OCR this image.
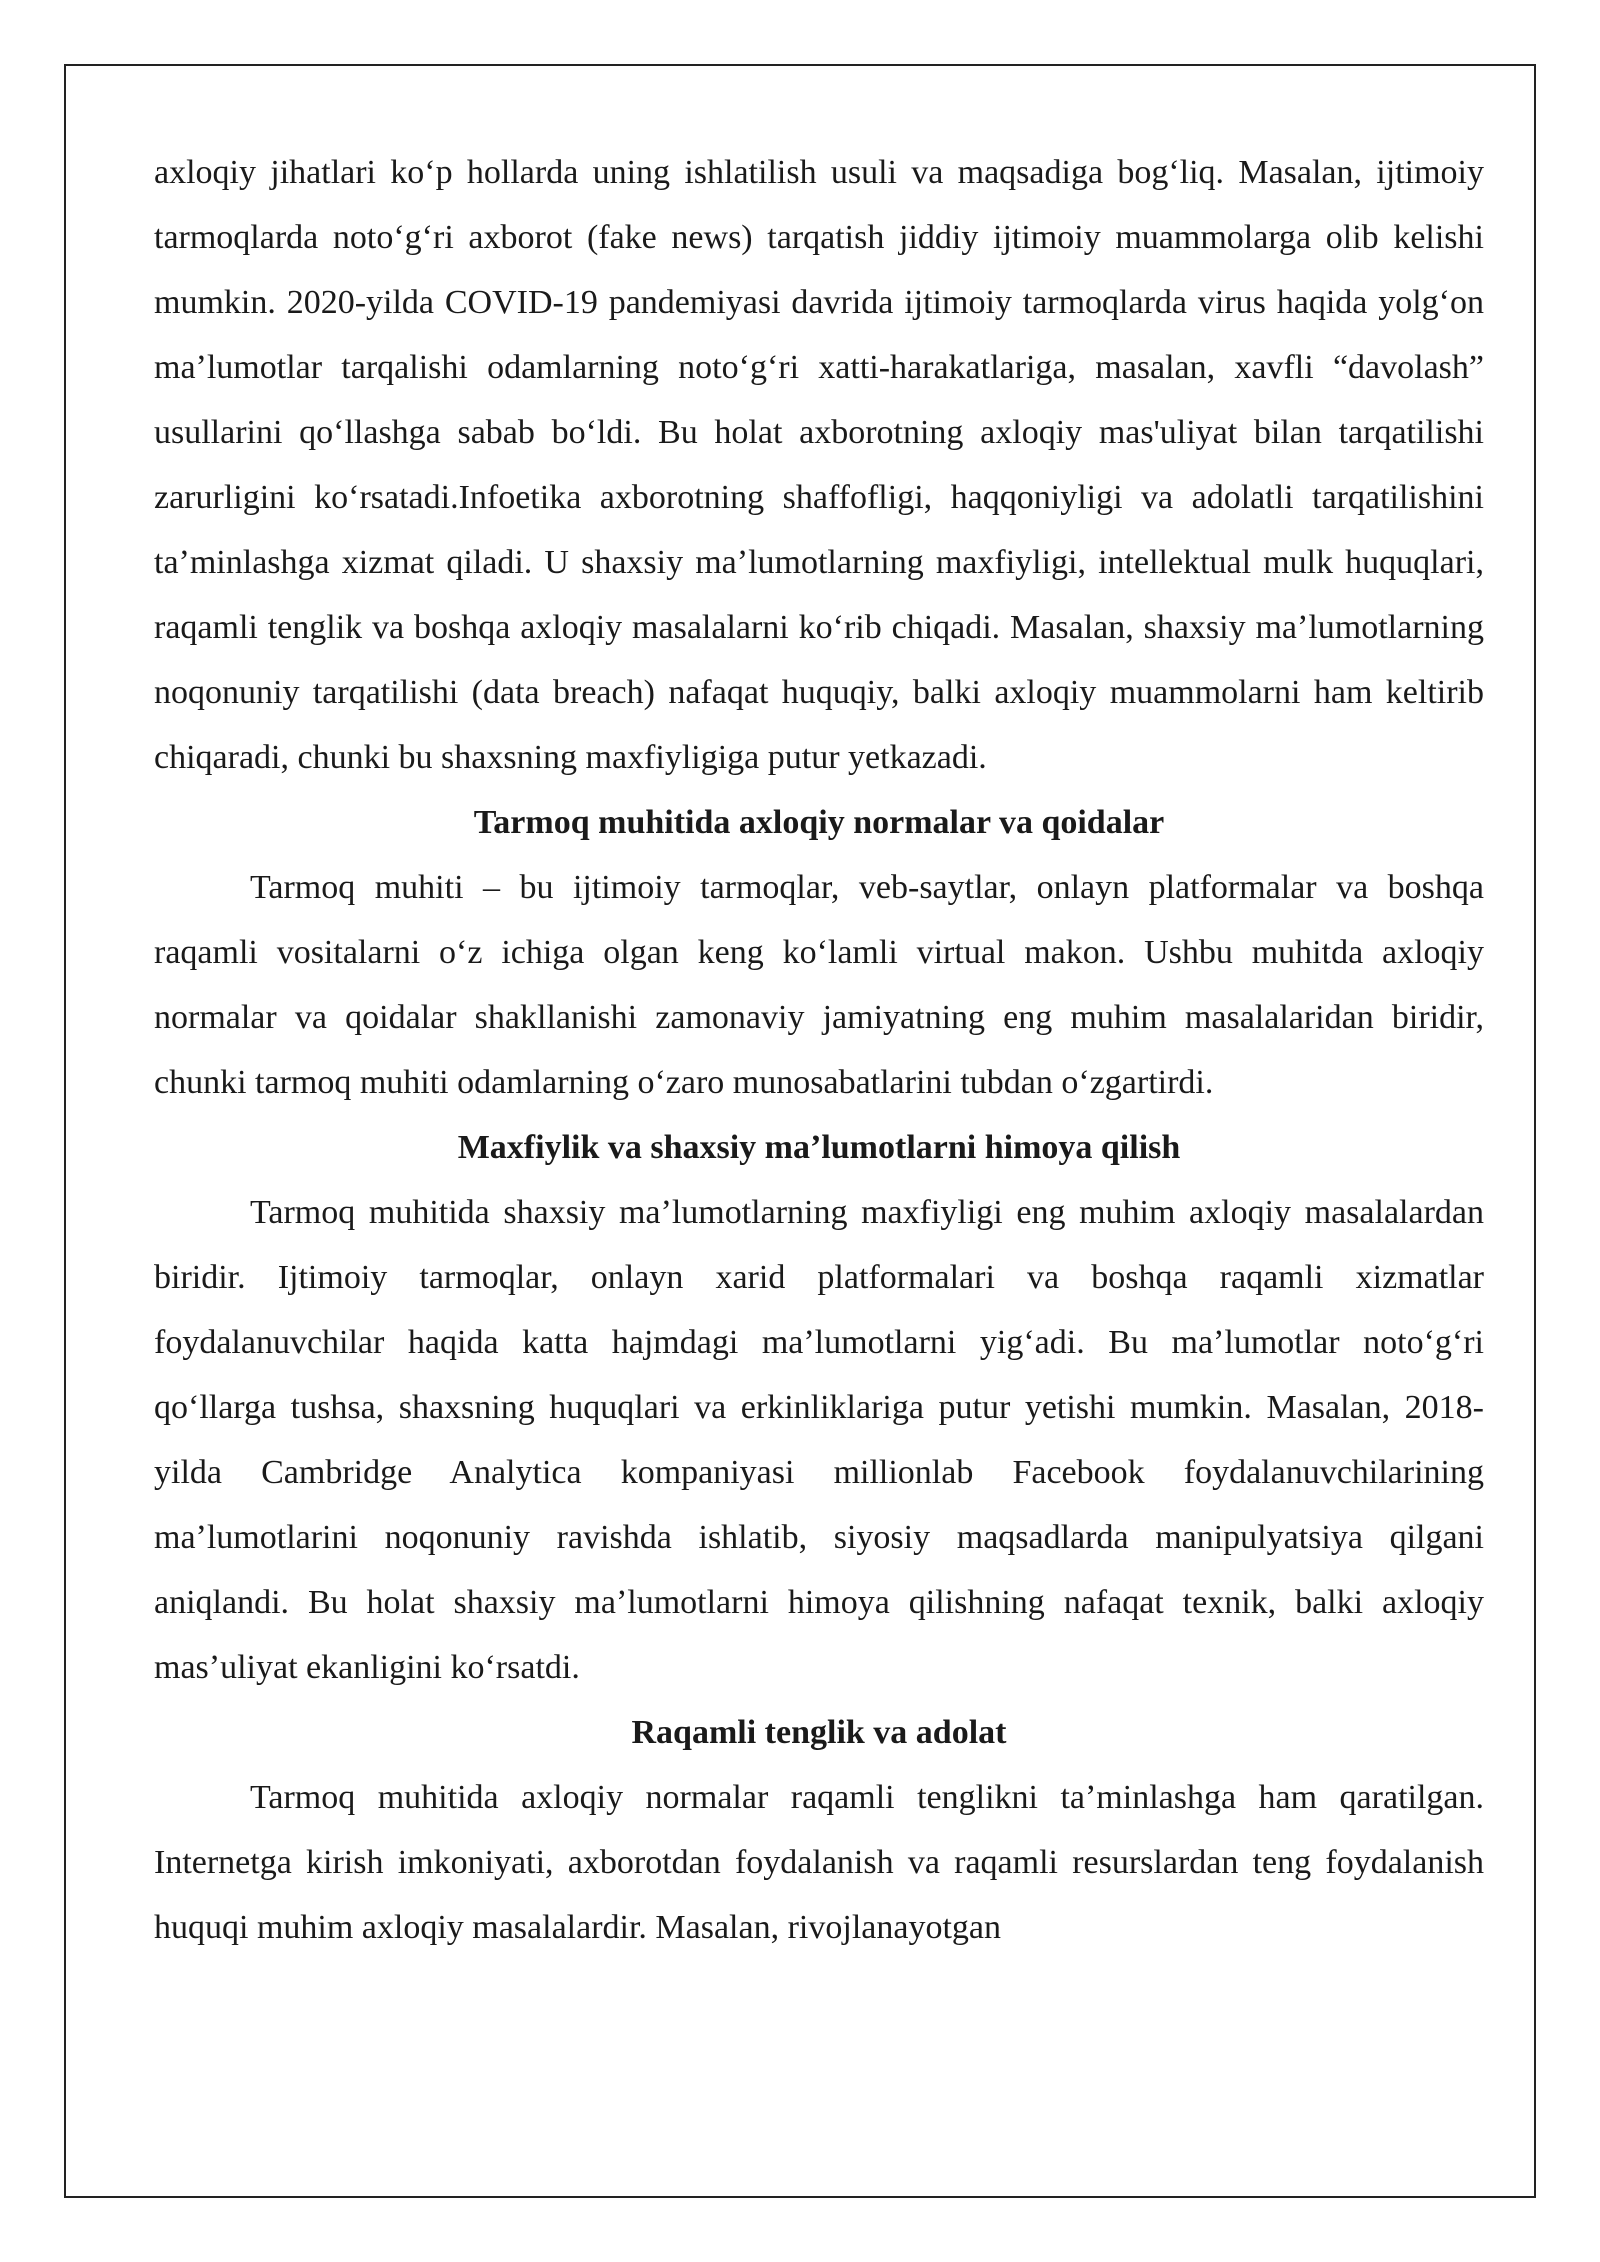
axloqiy jihatlari koʻp hollarda uning ishlatilish usuli va maqsadiga bogʻliq. Masalan, ijtimoiy tarmoqlarda notoʻgʻri axborot (fake news) tarqatish jiddiy ijtimoiy muammolarga olib kelishi mumkin. 2020-yilda COVID-19 pandemiyasi davrida ijtimoiy tarmoqlarda virus haqida yolgʻon maʼlumotlar tarqalishi odamlarning notoʻgʻri xatti-harakatlariga, masalan, xavfli “davolash” usullarini qoʻllashga sabab boʻldi. Bu holat axborotning axloqiy mas'uliyat bilan tarqatilishi zarurligini koʻrsatadi.Infoetika axborotning shaffofligi, haqqoniyligi va adolatli tarqatilishini taʼminlashga xizmat qiladi. U shaxsiy maʼlumotlarning maxfiyligi, intellektual mulk huquqlari, raqamli tenglik va boshqa axloqiy masalalarni koʻrib chiqadi. Masalan, shaxsiy maʼlumotlarning noqonuniy tarqatilishi (data breach) nafaqat huquqiy, balki axloqiy muammolarni ham keltirib chiqaradi, chunki bu shaxsning maxfiyligiga putur yetkazadi.

Tarmoq muhitida axloqiy normalar va qoidalar

Tarmoq muhiti – bu ijtimoiy tarmoqlar, veb-saytlar, onlayn platformalar va boshqa raqamli vositalarni oʻz ichiga olgan keng koʻlamli virtual makon. Ushbu muhitda axloqiy normalar va qoidalar shakllanishi zamonaviy jamiyatning eng muhim masalalaridan biridir, chunki tarmoq muhiti odamlarning oʻzaro munosabatlarini tubdan oʻzgartirdi.

Maxfiylik va shaxsiy maʼlumotlarni himoya qilish

Tarmoq muhitida shaxsiy maʼlumotlarning maxfiyligi eng muhim axloqiy masalalardan biridir. Ijtimoiy tarmoqlar, onlayn xarid platformalari va boshqa raqamli xizmatlar foydalanuvchilar haqida katta hajmdagi maʼlumotlarni yigʻadi. Bu maʼlumotlar notoʻgʻri qoʻllarga tushsa, shaxsning huquqlari va erkinliklariga putur yetishi mumkin. Masalan, 2018-yilda Cambridge Analytica kompaniyasi millionlab Facebook foydalanuvchilarining maʼlumotlarini noqonuniy ravishda ishlatib, siyosiy maqsadlarda manipulyatsiya qilgani aniqlandi. Bu holat shaxsiy maʼlumotlarni himoya qilishning nafaqat texnik, balki axloqiy masʼuliyat ekanligini koʻrsatdi.

Raqamli tenglik va adolat

Tarmoq muhitida axloqiy normalar raqamli tenglikni taʼminlashga ham qaratilgan. Internetga kirish imkoniyati, axborotdan foydalanish va raqamli resurslardan teng foydalanish huquqi muhim axloqiy masalalardir. Masalan, rivojlanayotgan
